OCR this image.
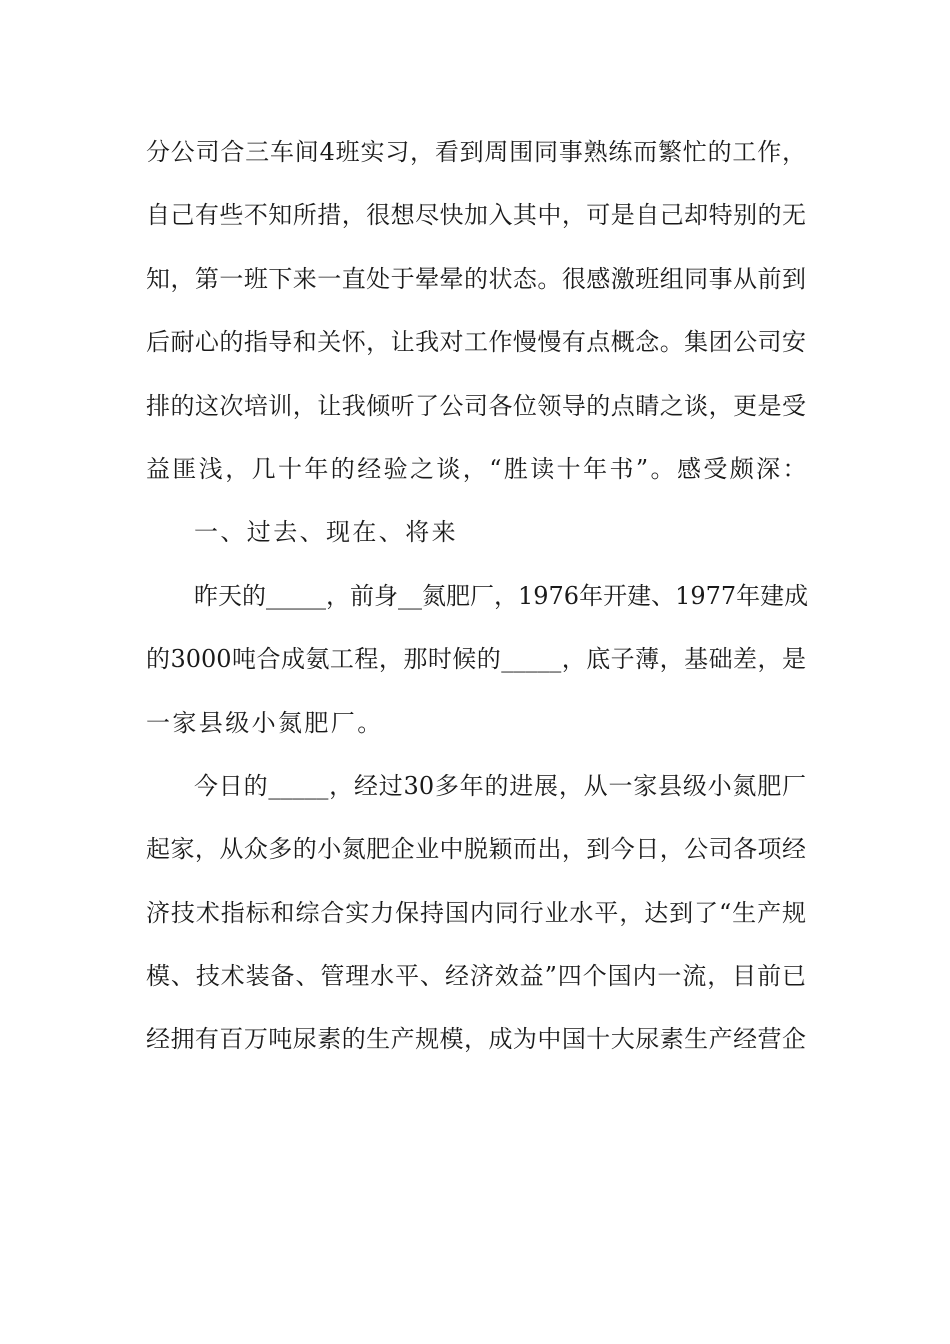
分公司合三车间4班实习，看到周围同事熟练而繁忙的工作，
自己有些不知所措，很想尽快加入其中，可是自己却特别的无
知，第一班下来一直处于晕晕的状态。很感激班组同事从前到
后耐心的指导和关怀，让我对工作慢慢有点概念。集团公司安
排的这次培训，让我倾听了公司各位领导的点睛之谈，更是受
益匪浅，几十年的经验之谈，“胜读十年书”。感受颇深：
一、过去、现在、将来
昨天的_____，前身__氮肥厂，1976年开建、1977年建成
的3000吨合成氨工程，那时候的_____，底子薄，基础差，是
一家县级小氮肥厂。
今日的_____，经过30多年的进展，从一家县级小氮肥厂
起家，从众多的小氮肥企业中脱颖而出，到今日，公司各项经
济技术指标和综合实力保持国内同行业水平，达到了“生产规
模、技术装备、管理水平、经济效益”四个国内一流，目前已
经拥有百万吨尿素的生产规模，成为中国十大尿素生产经营企
